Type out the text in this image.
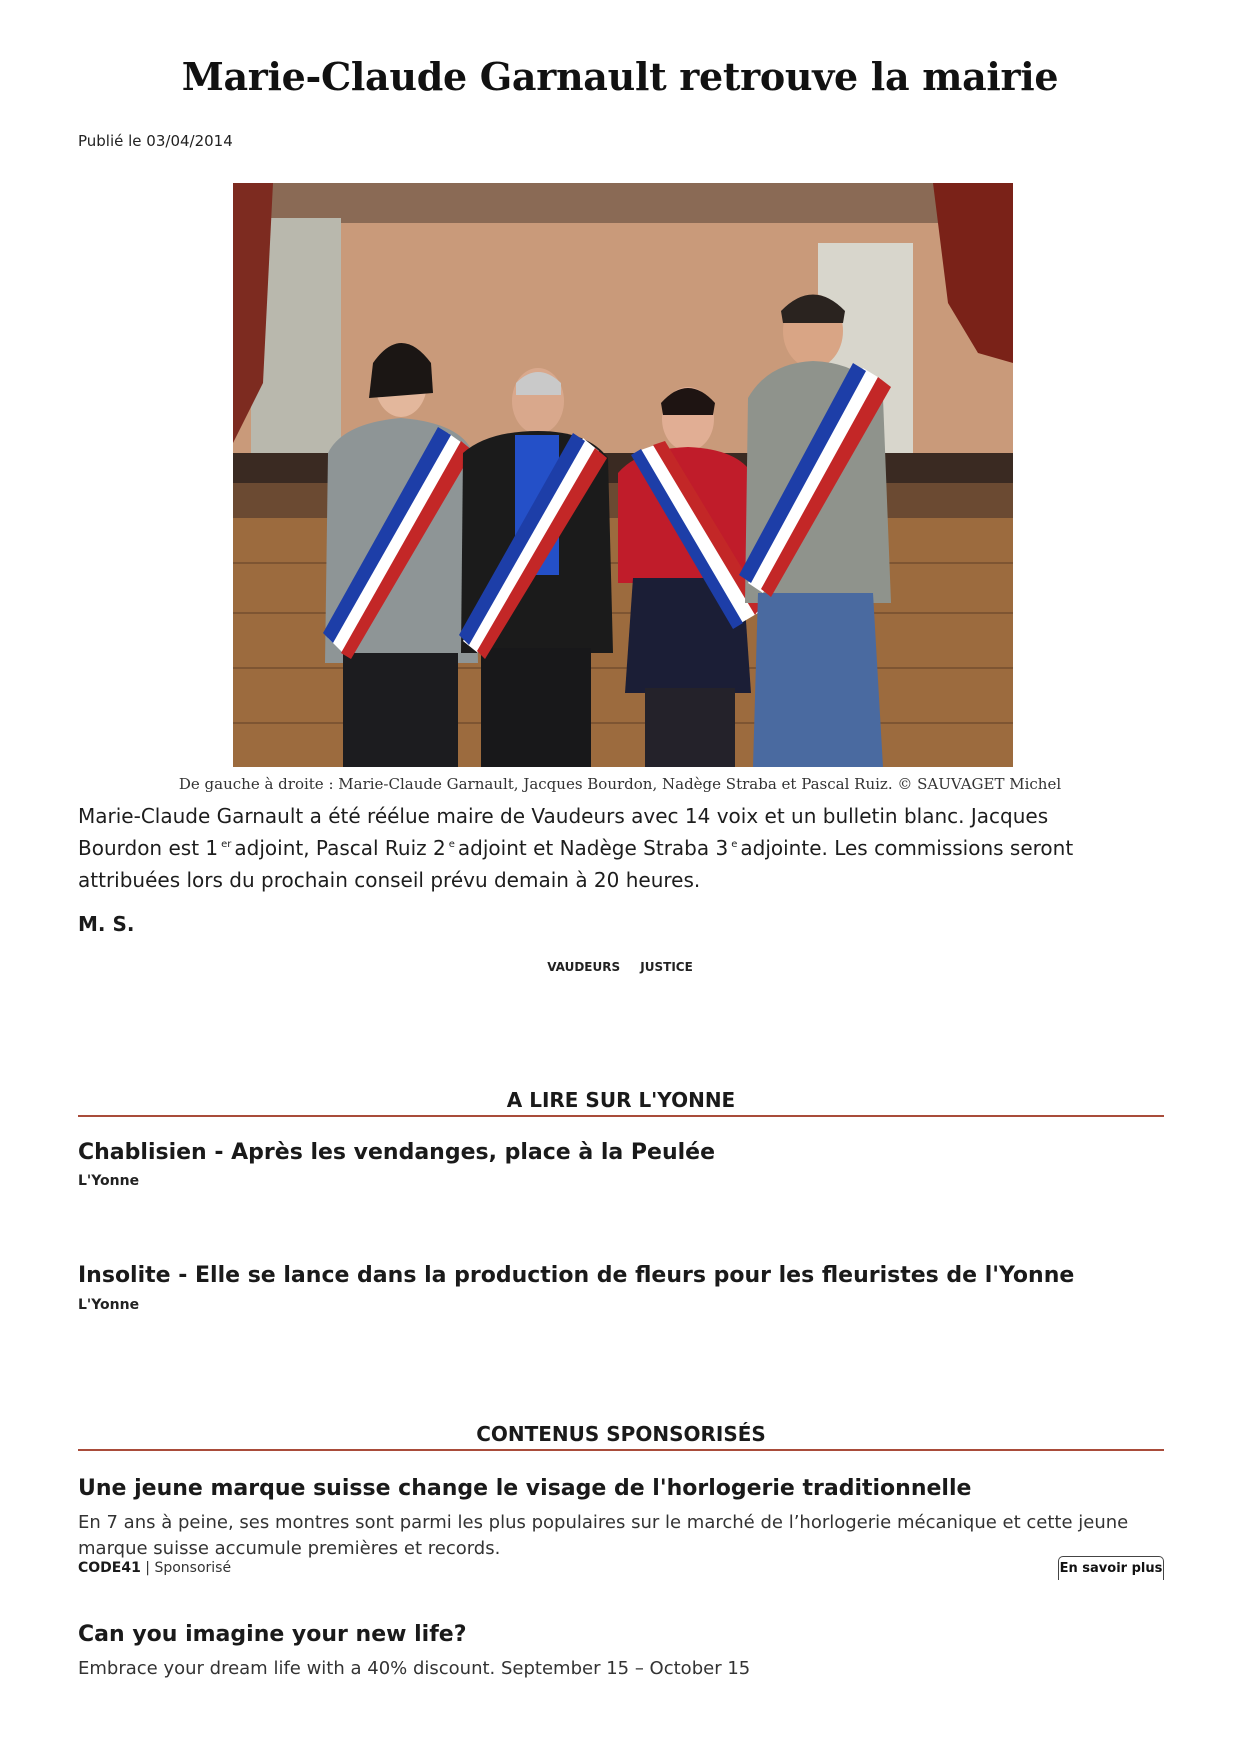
Marie-Claude Garnault retrouve la mairie
Publié le 03/04/2014
De gauche à droite : Marie-Claude Garnault, Jacques Bourdon, Nadège Straba et Pascal Ruiz. © SAUVAGET Michel

Marie-Claude Garnault a été réélue maire de Vaudeurs avec 14 voix et un bulletin blanc. Jacques Bourdon est 1 $^{er}$ adjoint, Pascal Ruiz 2 $^e$ adjoint et Nadège Straba 3 $^e$ adjointe. Les commissions seront attribuées lors du prochain conseil prévu demain à 20 heures.

M. S.
VAUDEURS JUSTICE
A LIRE SUR L'YONNE
Chablisien - Après les vendanges, place à la Peulée
L'Yonne
Insolite - Elle se lance dans la production de fleurs pour les fleuristes de l'Yonne
L'Yonne
CONTENUS SPONSORISÉS
Une jeune marque suisse change le visage de l'horlogerie traditionnelle
En 7 ans à peine, ses montres sont parmi les plus populaires sur le marché de l’horlogerie mécanique et cette jeune marque suisse accumule premières et records.
CODE41 | Sponsorisé	En savoir plus
Can you imagine your new life?
Embrace your dream life with a 40% discount. September 15 – October 15
